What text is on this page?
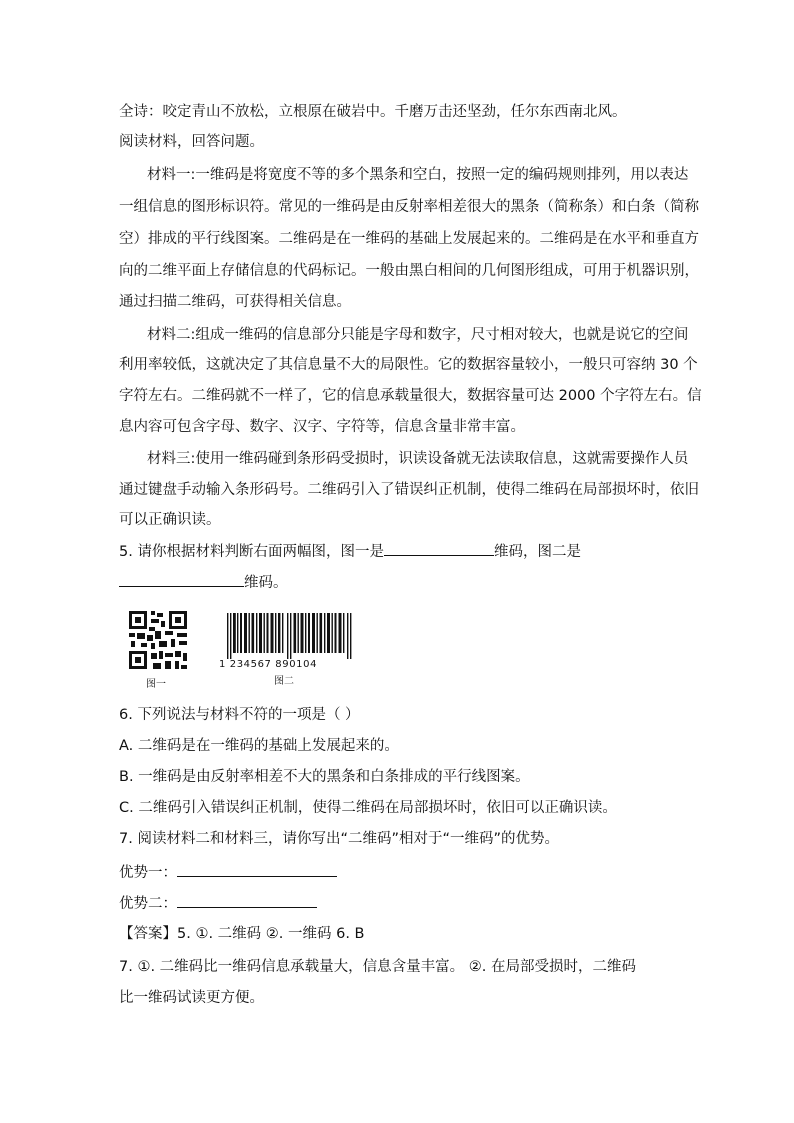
全诗：咬定青山不放松，立根原在破岩中。千磨万击还坚劲，任尔东西南北风。
阅读材料，回答问题。
材料一:一维码是将宽度不等的多个黑条和空白，按照一定的编码规则排列，用以表达
一组信息的图形标识符。常见的一维码是由反射率相差很大的黑条（简称条）和白条（简称
空）排成的平行线图案。二维码是在一维码的基础上发展起来的。二维码是在水平和垂直方
向的二维平面上存储信息的代码标记。一般由黑白相间的几何图形组成，可用于机器识别，
通过扫描二维码，可获得相关信息。
材料二:组成一维码的信息部分只能是字母和数字，尺寸相对较大，也就是说它的空间
利用率较低，这就决定了其信息量不大的局限性。它的数据容量较小，一般只可容纳 30 个
字符左右。二维码就不一样了，它的信息承载量很大，数据容量可达 2000 个字符左右。信
息内容可包含字母、数字、汉字、字符等，信息含量非常丰富。
材料三:使用一维码碰到条形码受损时，识读设备就无法读取信息，这就需要操作人员
通过键盘手动输入条形码号。二维码引入了错误纠正机制，使得二维码在局部损坏时，依旧
可以正确识读。
5. 请你根据材料判断右面两幅图，图一是	维码，图二是
维码。
图一
1 234567 890104
图二
6. 下列说法与材料不符的一项是（ ）
A. 二维码是在一维码的基础上发展起来的。
B. 一维码是由反射率相差不大的黑条和白条排成的平行线图案。
C. 二维码引入错误纠正机制，使得二维码在局部损坏时，依旧可以正确识读。
7. 阅读材料二和材料三，请你写出“二维码”相对于“一维码”的优势。
优势一：
优势二：
【答案】5. ①. 二维码 ②. 一维码 6. B
7. ①. 二维码比一维码信息承载量大，信息含量丰富。 ②. 在局部受损时，二维码
比一维码试读更方便。
